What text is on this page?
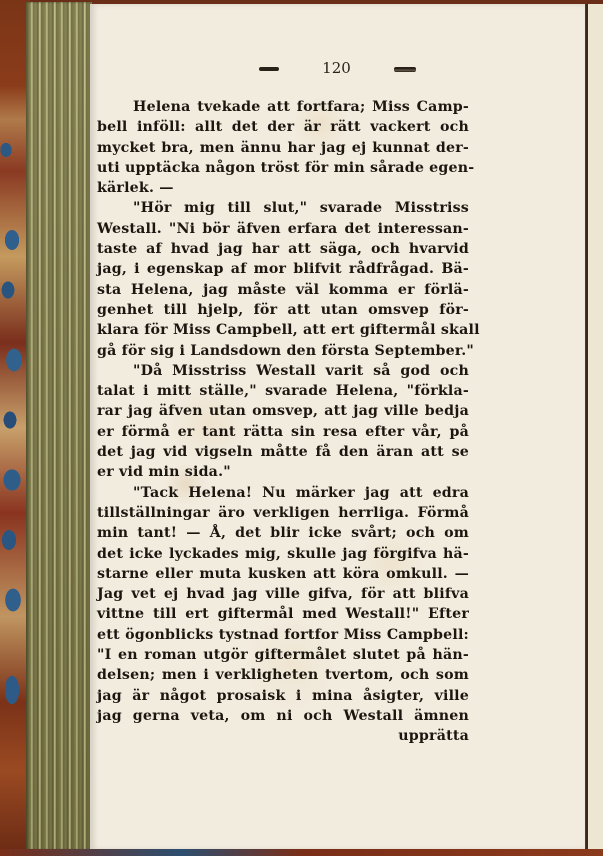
120
Helena tvekade att fortfara; Miss Camp-
bell inföll: allt det der är rätt vackert och
mycket bra, men ännu har jag ej kunnat der-
uti upptäcka någon tröst för min sårade egen-
kärlek. —
"Hör mig till slut," svarade Misstriss
Westall. "Ni bör äfven erfara det interessan-
taste af hvad jag har att säga, och hvarvid
jag, i egenskap af mor blifvit rådfrågad. Bä-
sta Helena, jag måste väl komma er förlä-
genhet till hjelp, för att utan omsvep för-
klara för Miss Campbell, att ert giftermål skall
gå för sig i Landsdown den första September."
"Då Misstriss Westall varit så god och
talat i mitt ställe," svarade Helena, "förkla-
rar jag äfven utan omsvep, att jag ville bedja
er förmå er tant rätta sin resa efter vår, på
det jag vid vigseln måtte få den äran att se
er vid min sida."
"Tack Helena! Nu märker jag att edra
tillställningar äro verkligen herrliga. Förmå
min tant! — Å, det blir icke svårt; och om
det icke lyckades mig, skulle jag förgifva hä-
starne eller muta kusken att köra omkull. —
Jag vet ej hvad jag ville gifva, för att blifva
vittne till ert giftermål med Westall!" Efter
ett ögonblicks tystnad fortfor Miss Campbell:
"I en roman utgör giftermålet slutet på hän-
delsen; men i verkligheten tvertom, och som
jag är något prosaisk i mina åsigter, ville
jag gerna veta, om ni och Westall ämnen
upprätta
